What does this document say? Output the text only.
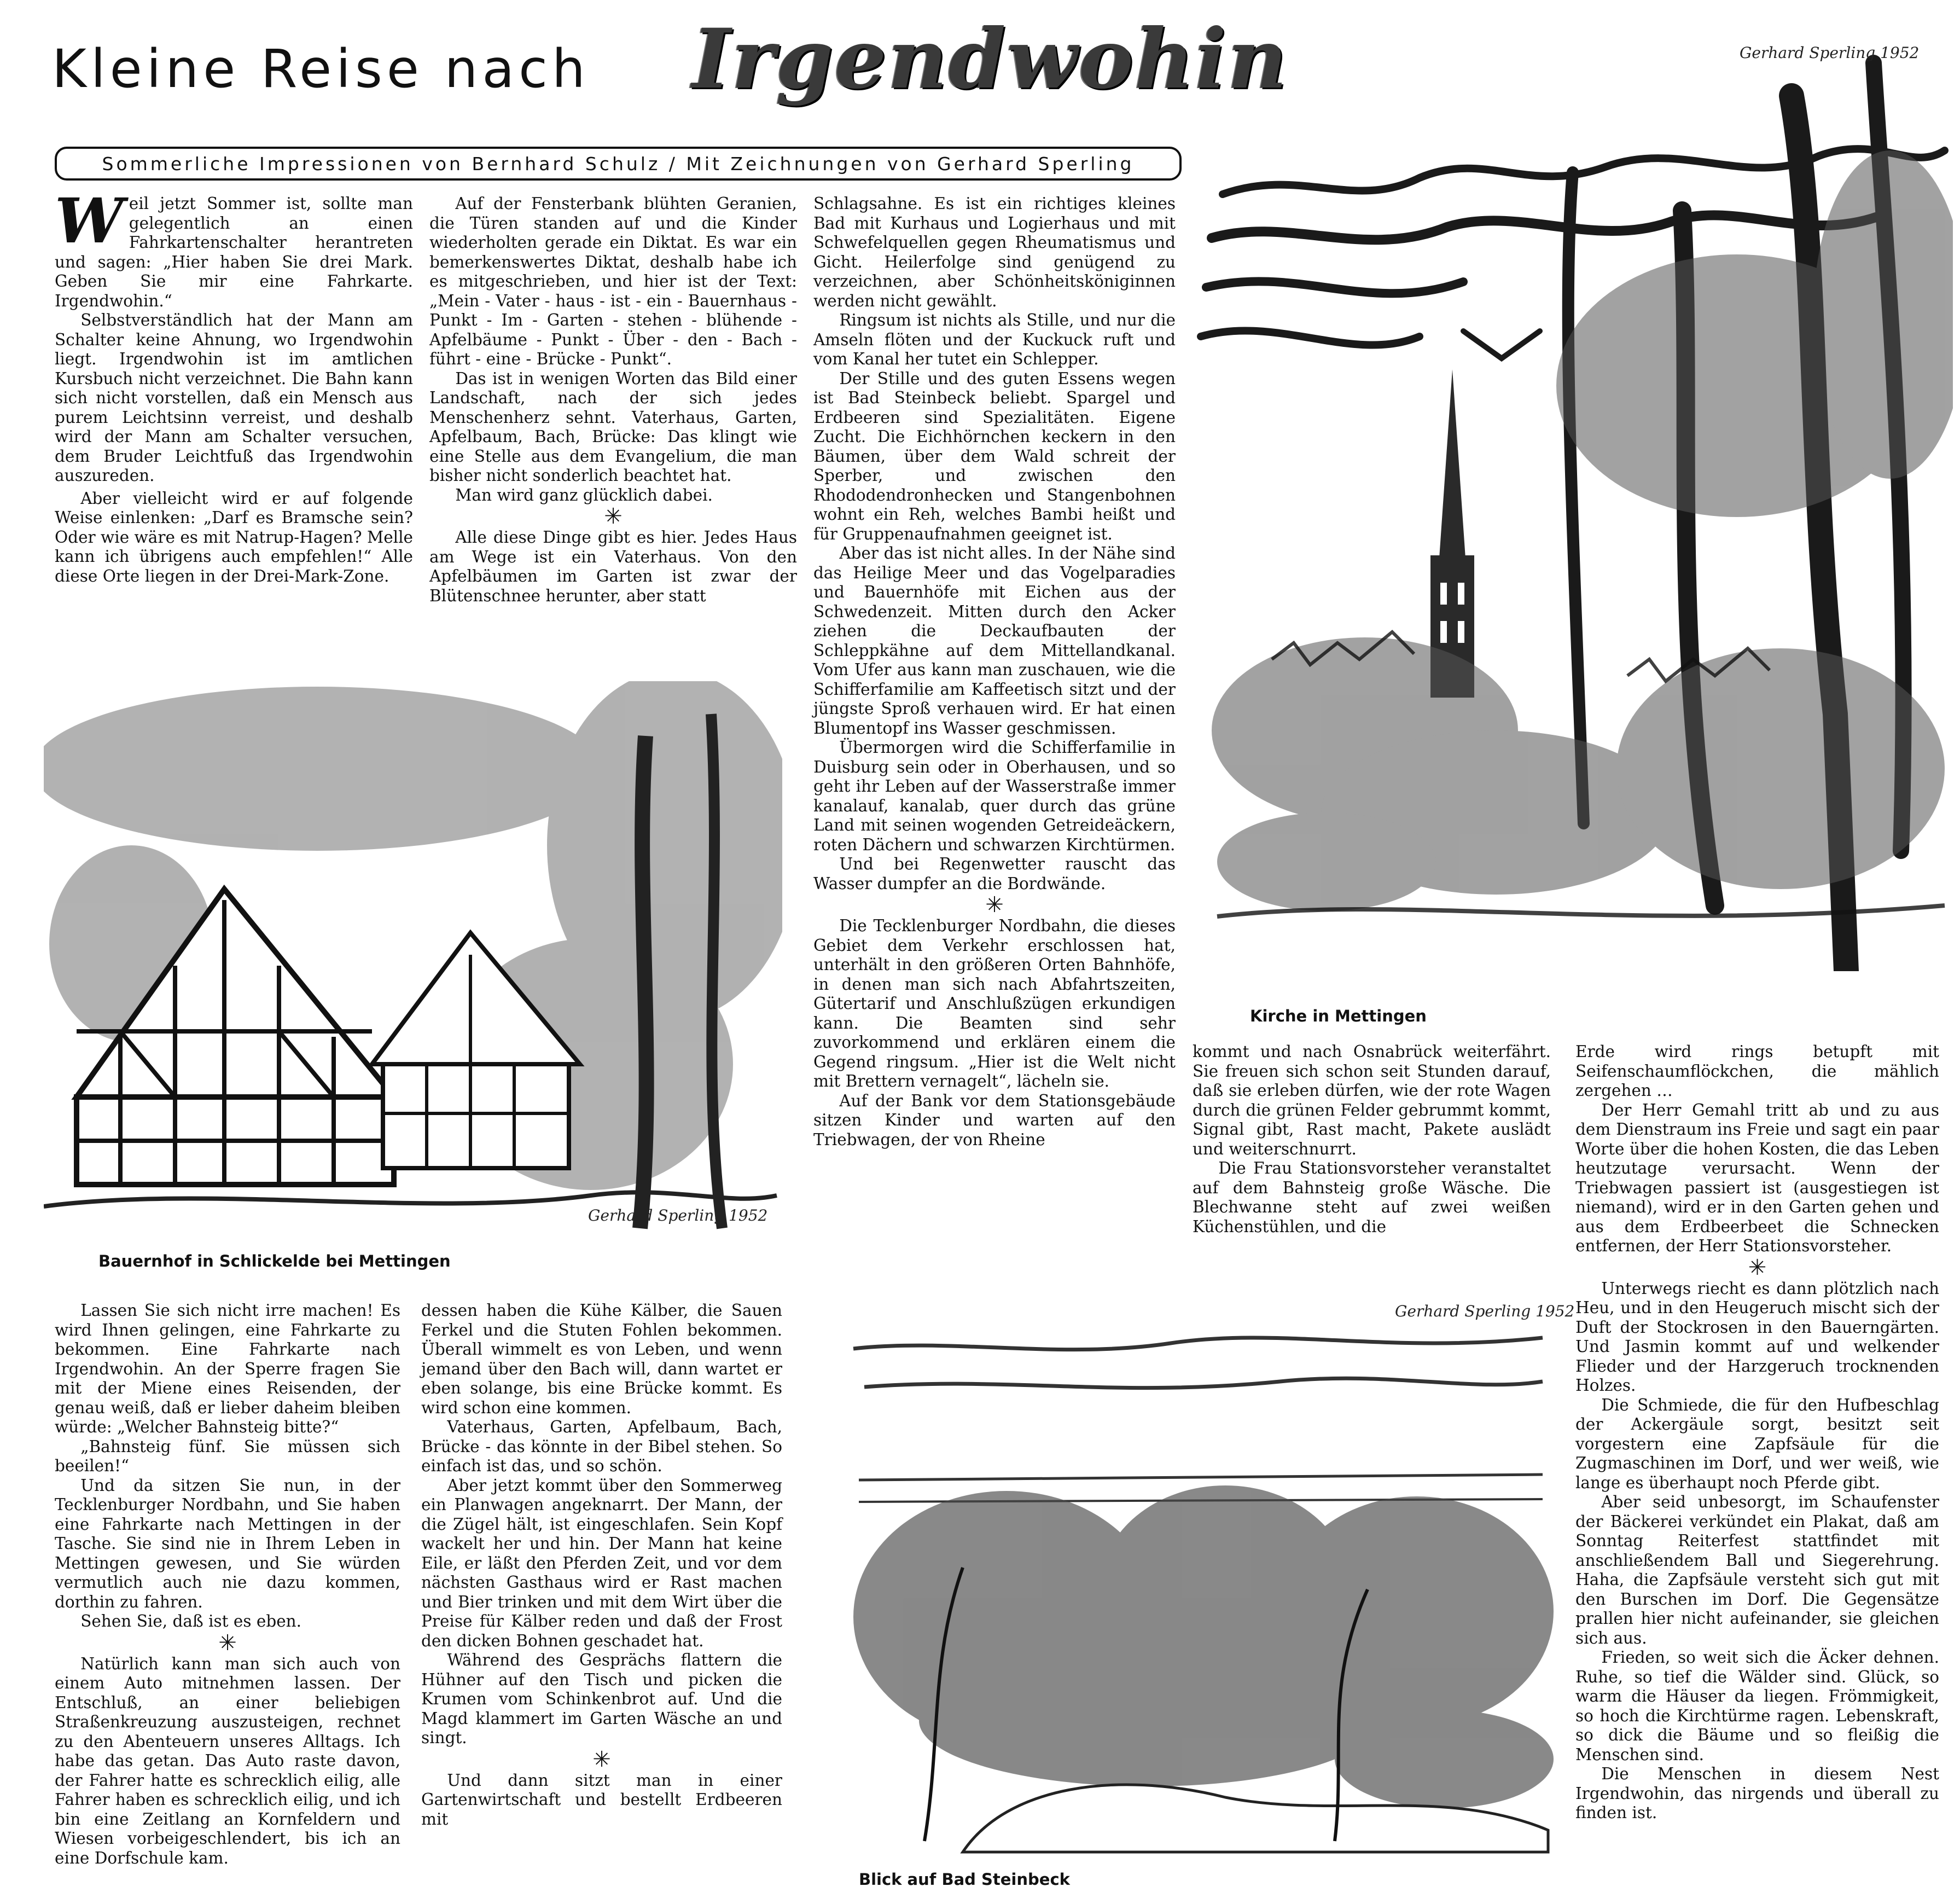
Kleine Reise nach Irgendwohin
Sommerliche Impressionen von Bernhard Schulz / Mit Zeichnungen von Gerhard Sperling
Gerhard Sperling 1952
Kirche in Mettingen
Gerhard Sperling 1952
Bauernhof in Schlickelde bei Mettingen
Gerhard Sperling 1952
Blick auf Bad Steinbeck

Weil jetzt Sommer ist, sollte man gelegentlich an einen Fahrkartenschalter herantreten und sagen: „Hier haben Sie drei Mark. Geben Sie mir eine Fahrkarte. Irgendwohin.“

Selbstverständlich hat der Mann am Schalter keine Ahnung, wo Irgendwohin liegt. Irgendwohin ist im amtlichen Kursbuch nicht verzeichnet. Die Bahn kann sich nicht vorstellen, daß ein Mensch aus purem Leichtsinn verreist, und deshalb wird der Mann am Schalter versuchen, dem Bruder Leichtfuß das Irgendwohin auszureden.

Aber vielleicht wird er auf folgende Weise einlenken: „Darf es Bramsche sein? Oder wie wäre es mit Natrup-Hagen? Melle kann ich übrigens auch empfehlen!“ Alle diese Orte liegen in der Drei-Mark-Zone.

Auf der Fensterbank blühten Geranien, die Türen standen auf und die Kinder wiederholten gerade ein Diktat. Es war ein bemerkenswertes Diktat, deshalb habe ich es mitgeschrieben, und hier ist der Text: „Mein - Vater - haus - ist - ein - Bauernhaus - Punkt - Im - Garten - stehen - blühende - Apfelbäume - Punkt - Über - den - Bach - führt - eine - Brücke - Punkt“.

Das ist in wenigen Worten das Bild einer Landschaft, nach der sich jedes Menschenherz sehnt. Vaterhaus, Garten, Apfelbaum, Bach, Brücke: Das klingt wie eine Stelle aus dem Evangelium, die man bisher nicht sonderlich beachtet hat.

Man wird ganz glücklich dabei.

✳

Alle diese Dinge gibt es hier. Jedes Haus am Wege ist ein Vaterhaus. Von den Apfelbäumen im Garten ist zwar der Blütenschnee herunter, aber statt

Schlagsahne. Es ist ein richtiges kleines Bad mit Kurhaus und Logierhaus und mit Schwefelquellen gegen Rheumatismus und Gicht. Heilerfolge sind genügend zu verzeichnen, aber Schönheitsköniginnen werden nicht gewählt.

Ringsum ist nichts als Stille, und nur die Amseln flöten und der Kuckuck ruft und vom Kanal her tutet ein Schlepper.

Der Stille und des guten Essens wegen ist Bad Steinbeck beliebt. Spargel und Erdbeeren sind Spezialitäten. Eigene Zucht. Die Eichhörnchen keckern in den Bäumen, über dem Wald schreit der Sperber, und zwischen den Rhododendronhecken und Stangenbohnen wohnt ein Reh, welches Bambi heißt und für Gruppenaufnahmen geeignet ist.

Aber das ist nicht alles. In der Nähe sind das Heilige Meer und das Vogelparadies und Bauernhöfe mit Eichen aus der Schwedenzeit. Mitten durch den Acker ziehen die Deckaufbauten der Schleppkähne auf dem Mittellandkanal. Vom Ufer aus kann man zuschauen, wie die Schifferfamilie am Kaffeetisch sitzt und der jüngste Sproß verhauen wird. Er hat einen Blumentopf ins Wasser geschmissen.

Übermorgen wird die Schifferfamilie in Duisburg sein oder in Oberhausen, und so geht ihr Leben auf der Wasserstraße immer kanalauf, kanalab, quer durch das grüne Land mit seinen wogenden Getreideäckern, roten Dächern und schwarzen Kirchtürmen.

Und bei Regenwetter rauscht das Wasser dumpfer an die Bordwände.

✳

Die Tecklenburger Nordbahn, die dieses Gebiet dem Verkehr erschlossen hat, unterhält in den größeren Orten Bahnhöfe, in denen man sich nach Abfahrtszeiten, Gütertarif und Anschlußzügen erkundigen kann. Die Beamten sind sehr zuvorkommend und erklären einem die Gegend ringsum. „Hier ist die Welt nicht mit Brettern vernagelt“, lächeln sie.

Auf der Bank vor dem Stationsgebäude sitzen Kinder und warten auf den Triebwagen, der von Rheine

kommt und nach Osnabrück weiterfährt. Sie freuen sich schon seit Stunden darauf, daß sie erleben dürfen, wie der rote Wagen durch die grünen Felder gebrummt kommt, Signal gibt, Rast macht, Pakete auslädt und weiterschnurrt.

Die Frau Stationsvorsteher veranstaltet auf dem Bahnsteig große Wäsche. Die Blechwanne steht auf zwei weißen Küchenstühlen, und die

Erde wird rings betupft mit Seifenschaumflöckchen, die mählich zergehen …

Der Herr Gemahl tritt ab und zu aus dem Dienstraum ins Freie und sagt ein paar Worte über die hohen Kosten, die das Leben heutzutage verursacht. Wenn der Triebwagen passiert ist (ausgestiegen ist niemand), wird er in den Garten gehen und aus dem Erdbeerbeet die Schnecken entfernen, der Herr Stationsvorsteher.

✳

Unterwegs riecht es dann plötzlich nach Heu, und in den Heugeruch mischt sich der Duft der Stockrosen in den Bauerngärten. Und Jasmin kommt auf und welkender Flieder und der Harzgeruch trocknenden Holzes.

Die Schmiede, die für den Hufbeschlag der Ackergäule sorgt, besitzt seit vorgestern eine Zapfsäule für die Zugmaschinen im Dorf, und wer weiß, wie lange es überhaupt noch Pferde gibt.

Aber seid unbesorgt, im Schaufenster der Bäckerei verkündet ein Plakat, daß am Sonntag Reiterfest stattfindet mit anschließendem Ball und Siegerehrung. Haha, die Zapfsäule versteht sich gut mit den Burschen im Dorf. Die Gegensätze prallen hier nicht aufeinander, sie gleichen sich aus.

Frieden, so weit sich die Äcker dehnen. Ruhe, so tief die Wälder sind. Glück, so warm die Häuser da liegen. Frömmigkeit, so hoch die Kirchtürme ragen. Lebenskraft, so dick die Bäume und so fleißig die Menschen sind.

Die Menschen in diesem Nest Irgendwohin, das nirgends und überall zu finden ist.

Lassen Sie sich nicht irre machen! Es wird Ihnen gelingen, eine Fahrkarte zu bekommen. Eine Fahrkarte nach Irgendwohin. An der Sperre fragen Sie mit der Miene eines Reisenden, der genau weiß, daß er lieber daheim bleiben würde: „Welcher Bahnsteig bitte?“

„Bahnsteig fünf. Sie müssen sich beeilen!“

Und da sitzen Sie nun, in der Tecklenburger Nordbahn, und Sie haben eine Fahrkarte nach Mettingen in der Tasche. Sie sind nie in Ihrem Leben in Mettingen gewesen, und Sie würden vermutlich auch nie dazu kommen, dorthin zu fahren.

Sehen Sie, daß ist es eben.

✳

Natürlich kann man sich auch von einem Auto mitnehmen lassen. Der Entschluß, an einer beliebigen Straßenkreuzung auszusteigen, rechnet zu den Abenteuern unseres Alltags. Ich habe das getan. Das Auto raste davon, der Fahrer hatte es schrecklich eilig, alle Fahrer haben es schrecklich eilig, und ich bin eine Zeitlang an Kornfeldern und Wiesen vorbeigeschlendert, bis ich an eine Dorfschule kam.

dessen haben die Kühe Kälber, die Sauen Ferkel und die Stuten Fohlen bekommen. Überall wimmelt es von Leben, und wenn jemand über den Bach will, dann wartet er eben solange, bis eine Brücke kommt. Es wird schon eine kommen.

Vaterhaus, Garten, Apfelbaum, Bach, Brücke - das könnte in der Bibel stehen. So einfach ist das, und so schön.

Aber jetzt kommt über den Sommerweg ein Planwagen angeknarrt. Der Mann, der die Zügel hält, ist eingeschlafen. Sein Kopf wackelt her und hin. Der Mann hat keine Eile, er läßt den Pferden Zeit, und vor dem nächsten Gasthaus wird er Rast machen und Bier trinken und mit dem Wirt über die Preise für Kälber reden und daß der Frost den dicken Bohnen geschadet hat.

Während des Gesprächs flattern die Hühner auf den Tisch und picken die Krumen vom Schinkenbrot auf. Und die Magd klammert im Garten Wäsche an und singt.

✳

Und dann sitzt man in einer Gartenwirtschaft und bestellt Erdbeeren mit
